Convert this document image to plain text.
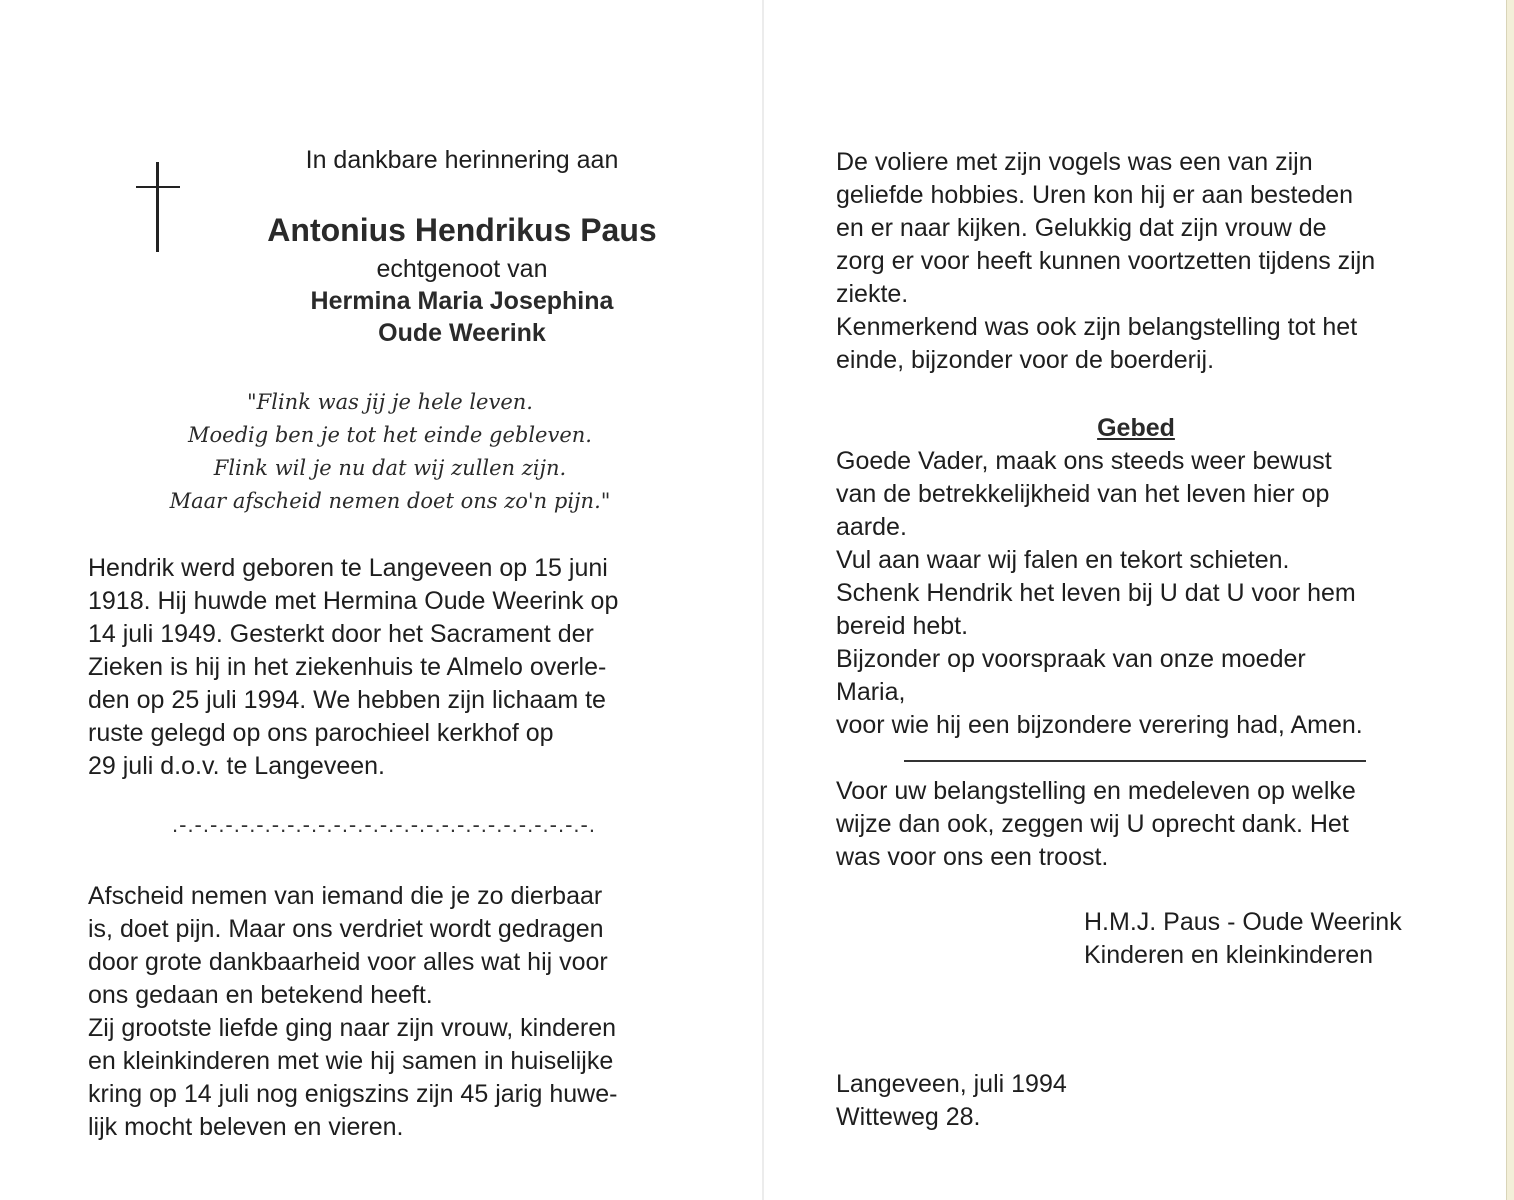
In dankbare herinnering aan
Antonius Hendrikus Paus
echtgenoot van
Hermina Maria Josephina
Oude Weerink
"Flink was jij je hele leven.
Moedig ben je tot het einde gebleven.
Flink wil je nu dat wij zullen zijn.
Maar afscheid nemen doet ons zo'n pijn."
Hendrik werd geboren te Langeveen op 15 juni
1918. Hij huwde met Hermina Oude Weerink op
14 juli 1949. Gesterkt door het Sacrament der
Zieken is hij in het ziekenhuis te Almelo overle-
den op 25 juli 1994. We hebben zijn lichaam te
ruste gelegd op ons parochieel kerkhof op
29 juli d.o.v. te Langeveen.
.-.-.-.-.-.-.-.-.-.-.-.-.-.-.-.-.-.-.-.-.-.-.-.-.-.-.-.
Afscheid nemen van iemand die je zo dierbaar
is, doet pijn. Maar ons verdriet wordt gedragen
door grote dankbaarheid voor alles wat hij voor
ons gedaan en betekend heeft.
Zij grootste liefde ging naar zijn vrouw, kinderen
en kleinkinderen met wie hij samen in huiselijke
kring op 14 juli nog enigszins zijn 45 jarig huwe-
lijk mocht beleven en vieren.
De voliere met zijn vogels was een van zijn
geliefde hobbies. Uren kon hij er aan besteden
en er naar kijken. Gelukkig dat zijn vrouw de
zorg er voor heeft kunnen voortzetten tijdens zijn
ziekte.
Kenmerkend was ook zijn belangstelling tot het
einde, bijzonder voor de boerderij.
Gebed
Goede Vader, maak ons steeds weer bewust
van de betrekkelijkheid van het leven hier op
aarde.
Vul aan waar wij falen en tekort schieten.
Schenk Hendrik het leven bij U dat U voor hem
bereid hebt.
Bijzonder op voorspraak van onze moeder
Maria,
voor wie hij een bijzondere verering had, Amen.
Voor uw belangstelling en medeleven op welke
wijze dan ook, zeggen wij U oprecht dank. Het
was voor ons een troost.
H.M.J. Paus - Oude Weerink
Kinderen en kleinkinderen
Langeveen, juli 1994
Witteweg 28.
